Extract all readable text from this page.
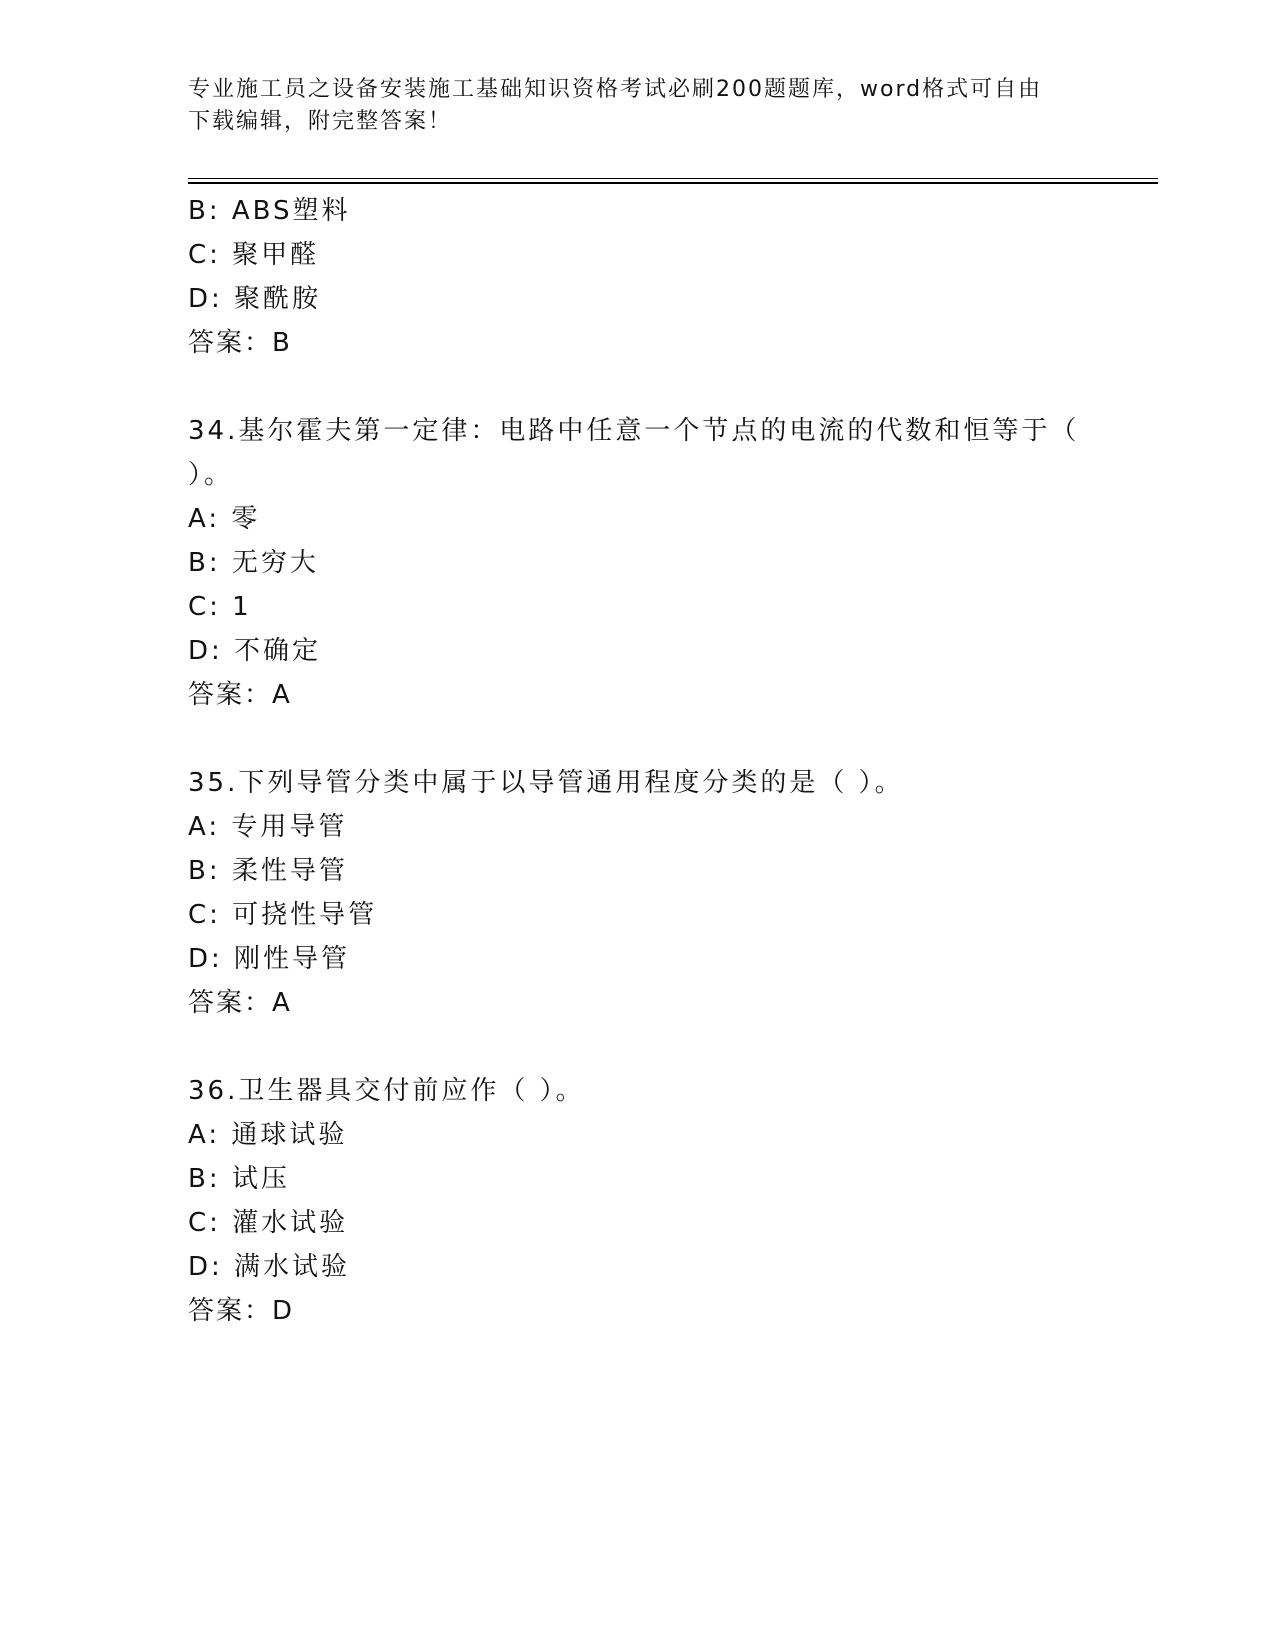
专业施工员之设备安装施工基础知识资格考试必刷200题题库，word格式可自由
下载编辑，附完整答案！
B: ABS塑料
C: 聚甲醛
D: 聚酰胺
答案：B
34.基尔霍夫第一定律：电路中任意一个节点的电流的代数和恒等于（
）。
A: 零
B: 无穷大
C: 1
D: 不确定
答案：A
35.下列导管分类中属于以导管通用程度分类的是（ ）。
A: 专用导管
B: 柔性导管
C: 可挠性导管
D: 刚性导管
答案：A
36.卫生器具交付前应作（ ）。
A: 通球试验
B: 试压
C: 灌水试验
D: 满水试验
答案：D
